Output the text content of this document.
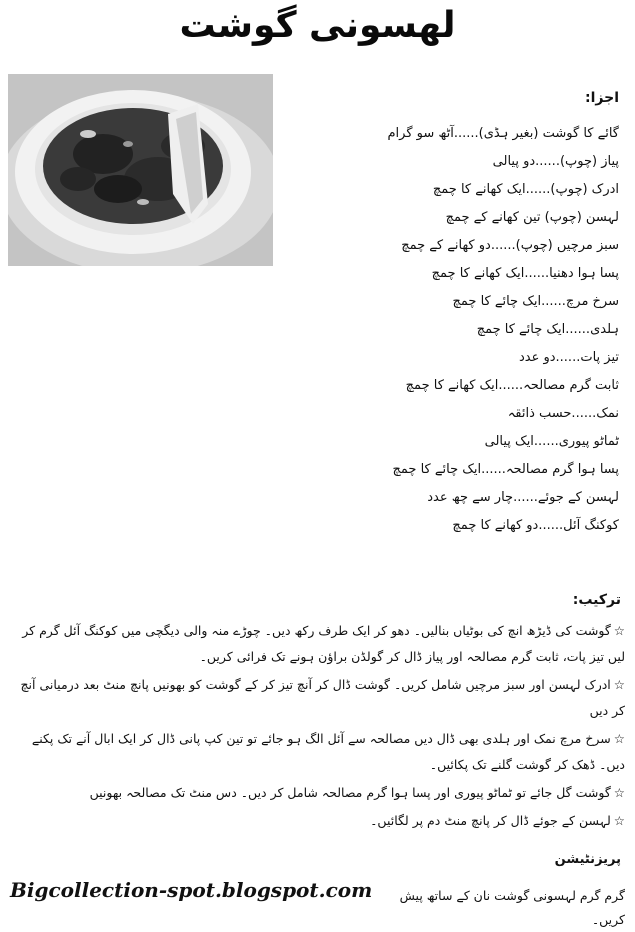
لهسونی گوشت
اجزا:
گائے کا گوشت (بغیر ہڈی)......آٹھ سو گرام
پیاز (چوپ)......دو پیالی
ادرک (چوپ)......ایک کھانے کا چمچ
لہسن (چوپ) تین کھانے کے چمچ
سبز مرچیں (چوپ)......دو کھانے کے چمچ
پسا ہوا دھنیا......ایک کھانے کا چمچ
سرخ مرچ......ایک چائے کا چمچ
ہلدی......ایک چائے کا چمچ
تیز پات......دو عدد
ثابت گرم مصالحہ......ایک کھانے کا چمچ
نمک......حسب ذائقہ
ٹماٹو پیوری......ایک پیالی
پسا ہوا گرم مصالحہ......ایک چائے کا چمچ
لہسن کے جوئے......چار سے چھ عدد
کوکنگ آئل......دو کھانے کا چمچ
ترکیب:
☆گوشت کی ڈیڑھ انچ کی بوٹیاں بنالیں۔ دھو کر ایک طرف رکھ دیں۔ چوڑے منہ والی دیگچی میں کوکنگ آئل گرم کر لیں تیز پات، ثابت گرم مصالحہ اور پیاز ڈال کر گولڈن براؤن ہونے تک فرائی کریں۔
☆ادرک لہسن اور سبز مرچیں شامل کریں۔ گوشت ڈال کر آنچ تیز کر کے گوشت کو بھونیں پانچ منٹ بعد درمیانی آنچ کر دیں
☆سرخ مرچ نمک اور ہلدی بھی ڈال دیں مصالحہ سے آئل الگ ہو جائے تو تین کپ پانی ڈال کر ایک ابال آنے تک پکنے دیں۔ ڈھک کر گوشت گلنے تک پکائیں۔
☆گوشت گل جائے تو ٹماٹو پیوری اور پسا ہوا گرم مصالحہ شامل کر دیں۔ دس منٹ تک مصالحہ بھونیں
☆لہسن کے جوئے ڈال کر پانچ منٹ دم پر لگائیں۔
پریزنٹیشن
گرم گرم لہسونی گوشت نان کے ساتھ پیش کریں۔
Bigcollection-spot.blogspot.com
